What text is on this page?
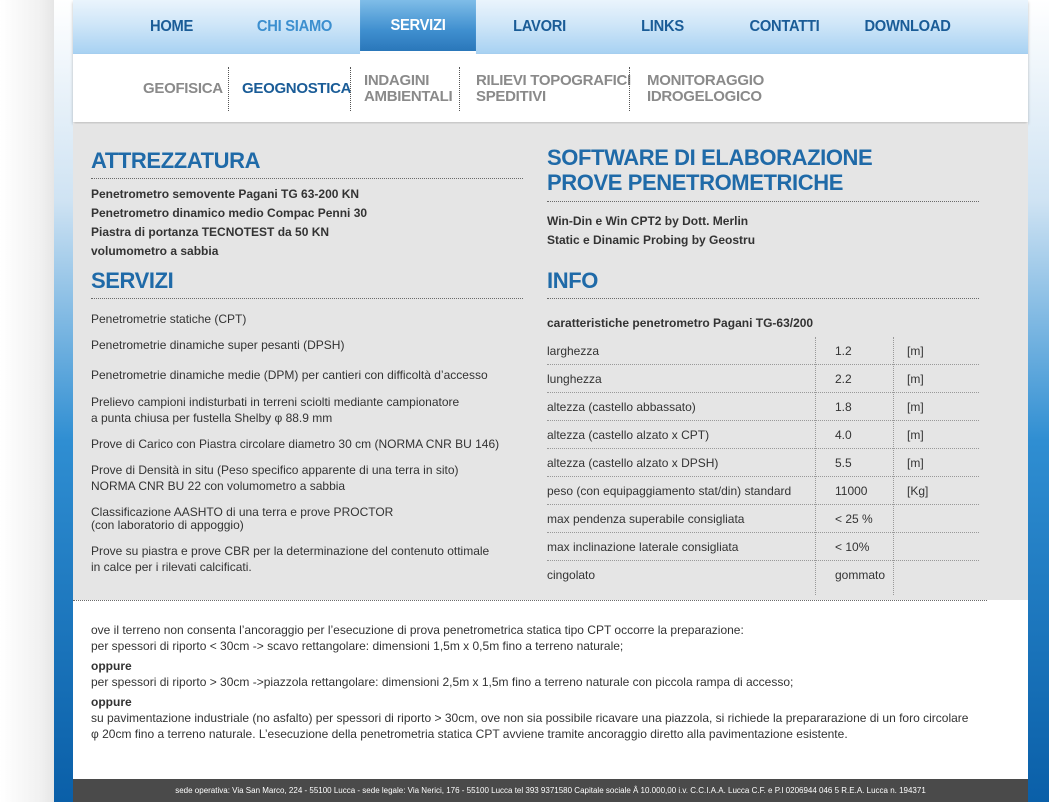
HOME	CHI SIAMO	SERVIZI	LAVORI	LINKS	CONTATTI	DOWNLOAD
GEOFISICA GEOGNOSTICA INDAGINI
AMBIENTALI
RILIEVI TOPOGRAFICI
SPEDITIVI
MONITORAGGIO
IDROGELOGICO
ATTREZZATURA
Penetrometro semovente Pagani TG 63-200 KN
Penetrometro dinamico medio Compac Penni 30
Piastra di portanza TECNOTEST da 50 KN
volumometro a sabbia
SOFTWARE DI ELABORAZIONE
PROVE PENETROMETRICHE
Win-Din e Win CPT2 by Dott. Merlin
Static e Dinamic Probing by Geostru
SERVIZI
Penetrometrie statiche (CPT)
Penetrometrie dinamiche super pesanti (DPSH)
Penetrometrie dinamiche medie (DPM) per cantieri con difficoltà d’accesso
Prelievo campioni indisturbati in terreni sciolti mediante campionatore
a punta chiusa per fustella Shelby φ 88.9 mm
Prove di Carico con Piastra circolare diametro 30 cm (NORMA CNR BU 146)
Prove di Densità in situ (Peso specifico apparente di una terra in sito)
NORMA CNR BU 22 con volumometro a sabbia
Classificazione AASHTO di una terra e prove PROCTOR
(con laboratorio di appoggio)
Prove su piastra e prove CBR per la determinazione del contenuto ottimale
in calce per i rilevati calcificati.
INFO
caratteristiche penetrometro Pagani TG-63/200
larghezza	1.2	[m]
lunghezza	2.2	[m]
altezza (castello abbassato)	1.8	[m]
altezza (castello alzato x CPT)	4.0	[m]
altezza (castello alzato x DPSH)	5.5	[m]
peso (con equipaggiamento stat/din) standard	11000	[Kg]
max pendenza superabile consigliata	< 25 %
max inclinazione laterale consigliata	< 10%
cingolato	gommato
ove il terreno non consenta l’ancoraggio per l’esecuzione di prova penetrometrica statica tipo CPT occorre la preparazione:
per spessori di riporto < 30cm -> scavo rettangolare: dimensioni 1,5m x 0,5m fino a terreno naturale;
oppure
per spessori di riporto > 30cm ->piazzola rettangolare: dimensioni 2,5m x 1,5m fino a terreno naturale con piccola rampa di accesso;
oppure
su pavimentazione industriale (no asfalto) per spessori di riporto > 30cm, ove non sia possibile ricavare una piazzola, si richiede la prepararazione di un foro circolare
φ 20cm fino a terreno naturale. L’esecuzione della penetrometria statica CPT avviene tramite ancoraggio diretto alla pavimentazione esistente.
sede operativa: Via San Marco, 224 - 55100 Lucca - sede legale: Via Nerici, 176 - 55100 Lucca tel 393 9371580 Capitale sociale Â 10.000,00 i.v. C.C.I.A.A. Lucca C.F. e P.I 0206944 046 5 R.E.A. Lucca n. 194371
